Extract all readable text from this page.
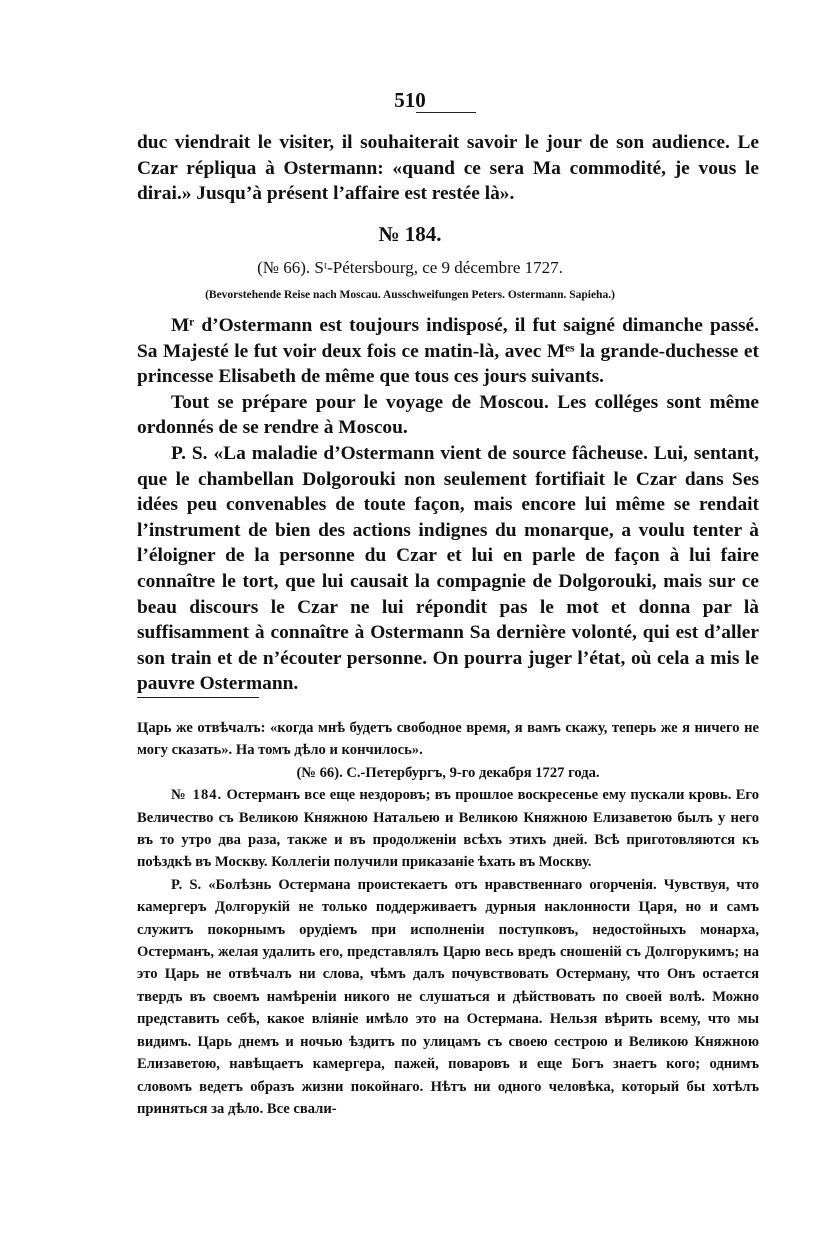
510

duc viendrait le visiter, il souhaiterait savoir le jour de son audience. Le Czar répliqua à Ostermann: «quand ce sera Ma commodité, je vous le dirai.» Jusqu’à présent l’affaire est restée là».

№ 184.
(№ 66). Sᵗ-Pétersbourg, ce 9 décembre 1727.
(Bevorstehende Reise nach Moscau. Ausschweifungen Peters. Ostermann. Sapieha.)

Mʳ d’Ostermann est toujours indisposé, il fut saigné dimanche passé. Sa Majesté le fut voir deux fois ce matin-là, avec Mᵉˢ la grande-duchesse et princesse Elisabeth de même que tous ces jours suivants.

Tout se prépare pour le voyage de Moscou. Les colléges sont même ordonnés de se rendre à Moscou.

P. S. «La maladie d’Ostermann vient de source fâcheuse. Lui, sentant, que le chambellan Dolgorouki non seulement fortifiait le Czar dans Ses idées peu convenables de toute façon, mais encore lui même se rendait l’instrument de bien des actions indignes du monarque, a voulu tenter à l’éloigner de la personne du Czar et lui en parle de façon à lui faire connaître le tort, que lui causait la compagnie de Dolgorouki, mais sur ce beau discours le Czar ne lui répondit pas le mot et donna par là suffisamment à connaître à Ostermann Sa dernière volonté, qui est d’aller son train et de n’écouter personne. On pourra juger l’état, où cela a mis le pauvre Ostermann.

Царь же отвѣчалъ: «когда мнѣ будетъ свободное время, я вамъ скажу, теперь же я ничего не могу сказать». На томъ дѣло и кончилось».

(№ 66). С.-Петербургъ, 9-го декабря 1727 года.

№ 184. Остерманъ все еще нездоровъ; въ прошлое воскресенье ему пускали кровь. Его Величество съ Великою Княжною Натальею и Великою Княжною Елизаветою былъ у него въ то утро два раза, также и въ продолженіи всѣхъ этихъ дней. Всѣ приготовляются къ поѣздкѣ въ Москву. Коллегіи получили приказаніе ѣхать въ Москву.

P. S. «Болѣзнь Остермана проистекаетъ отъ нравственнаго огорченія. Чувствуя, что камергеръ Долгорукій не только поддерживаетъ дурныя наклонности Царя, но и самъ служитъ покорнымъ орудіемъ при исполненіи поступковъ, недостойныхъ монарха, Остерманъ, желая удалить его, представлялъ Царю весь вредъ сношеній съ Долгорукимъ; на это Царь не отвѣчалъ ни слова, чѣмъ далъ почувствовать Остерману, что Онъ остается твердъ въ своемъ намѣреніи никого не слушаться и дѣйствовать по своей волѣ. Можно представить себѣ, какое вліяніе имѣло это на Остермана. Нельзя вѣрить всему, что мы видимъ. Царь днемъ и ночью ѣздитъ по улицамъ съ своею сестрою и Великою Княжною Елизаветою, навѣщаетъ камергера, пажей, поваровъ и еще Богъ знаетъ кого; однимъ словомъ ведетъ образъ жизни покойнаго. Нѣтъ ни одного человѣка, который бы хотѣлъ приняться за дѣло. Все свали-
